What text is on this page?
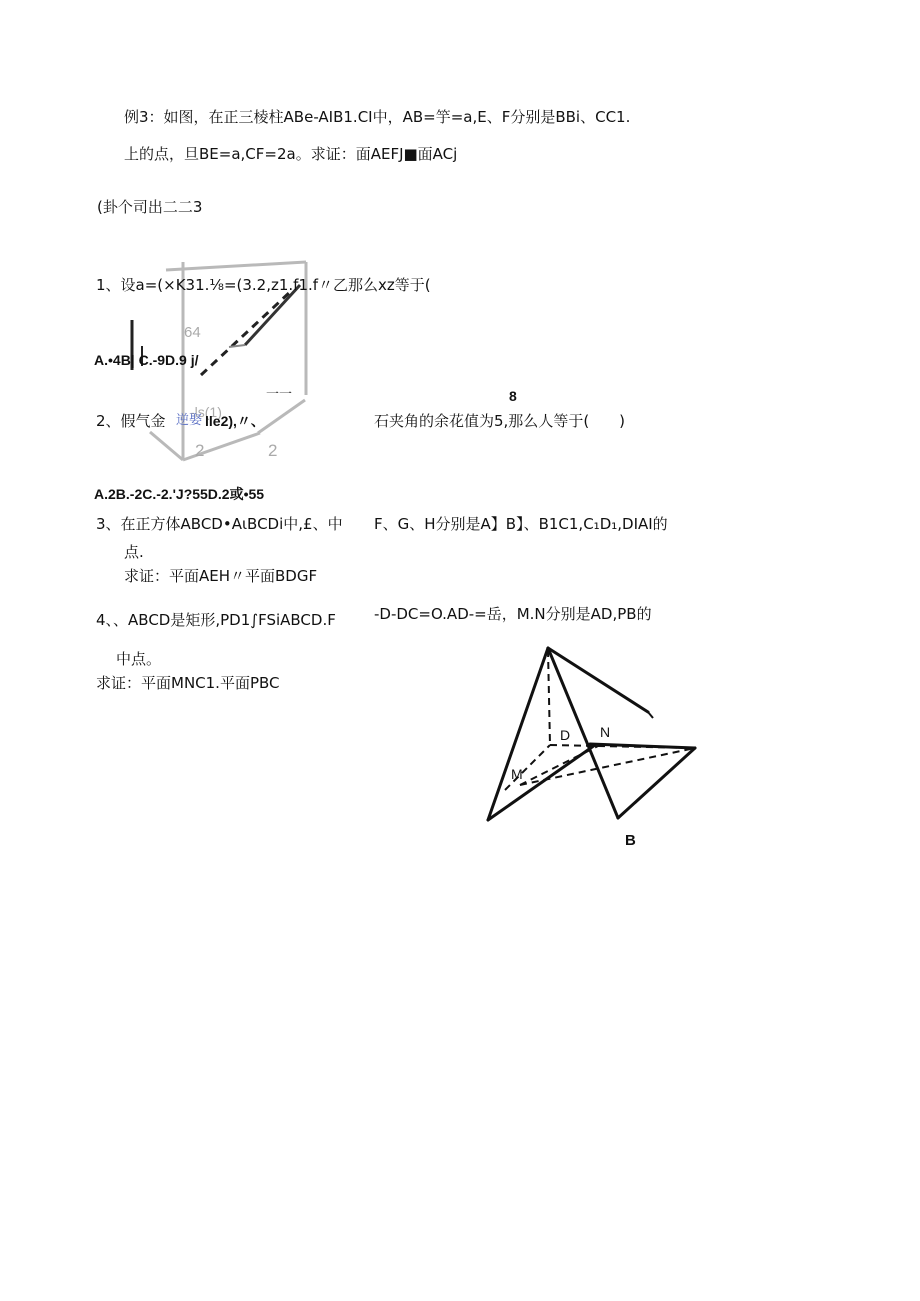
64
-ls(1)
2	2
一一
例3：如图，在正三棱柱ABe-AIB1.CI中，AB=竽=a,E、F分别是BBi、CC1.
上的点，旦BE=a,CF=2a。求证：面AEFJ■面ACj
(卦个司出二二3
1、设a=(×K31.⅛=(3.2,z1.f1.f〃乙那么xz等于(
A.•4B| C.-9D.9 j/
8
2、假气金 逆娶 lle2),〃、	石夹角的余花值为5,那么人等于(　　)
A.2B.-2C.-2.'J?55D.2或•55
3、在正方体ABCD•AιBCDi中,£、中 F、G、H分别是A】B】、B1C1,C₁D₁,DIAI的
点.
求证：平面AEH〃平面BDGF
4、、ABCD是矩形,PD1∫FSiABCD.F	-D-DC=O.AD-=岳，M.N分别是AD,PB的
中点。
求证：平面MNC1.平面PBC
D N
M
B
